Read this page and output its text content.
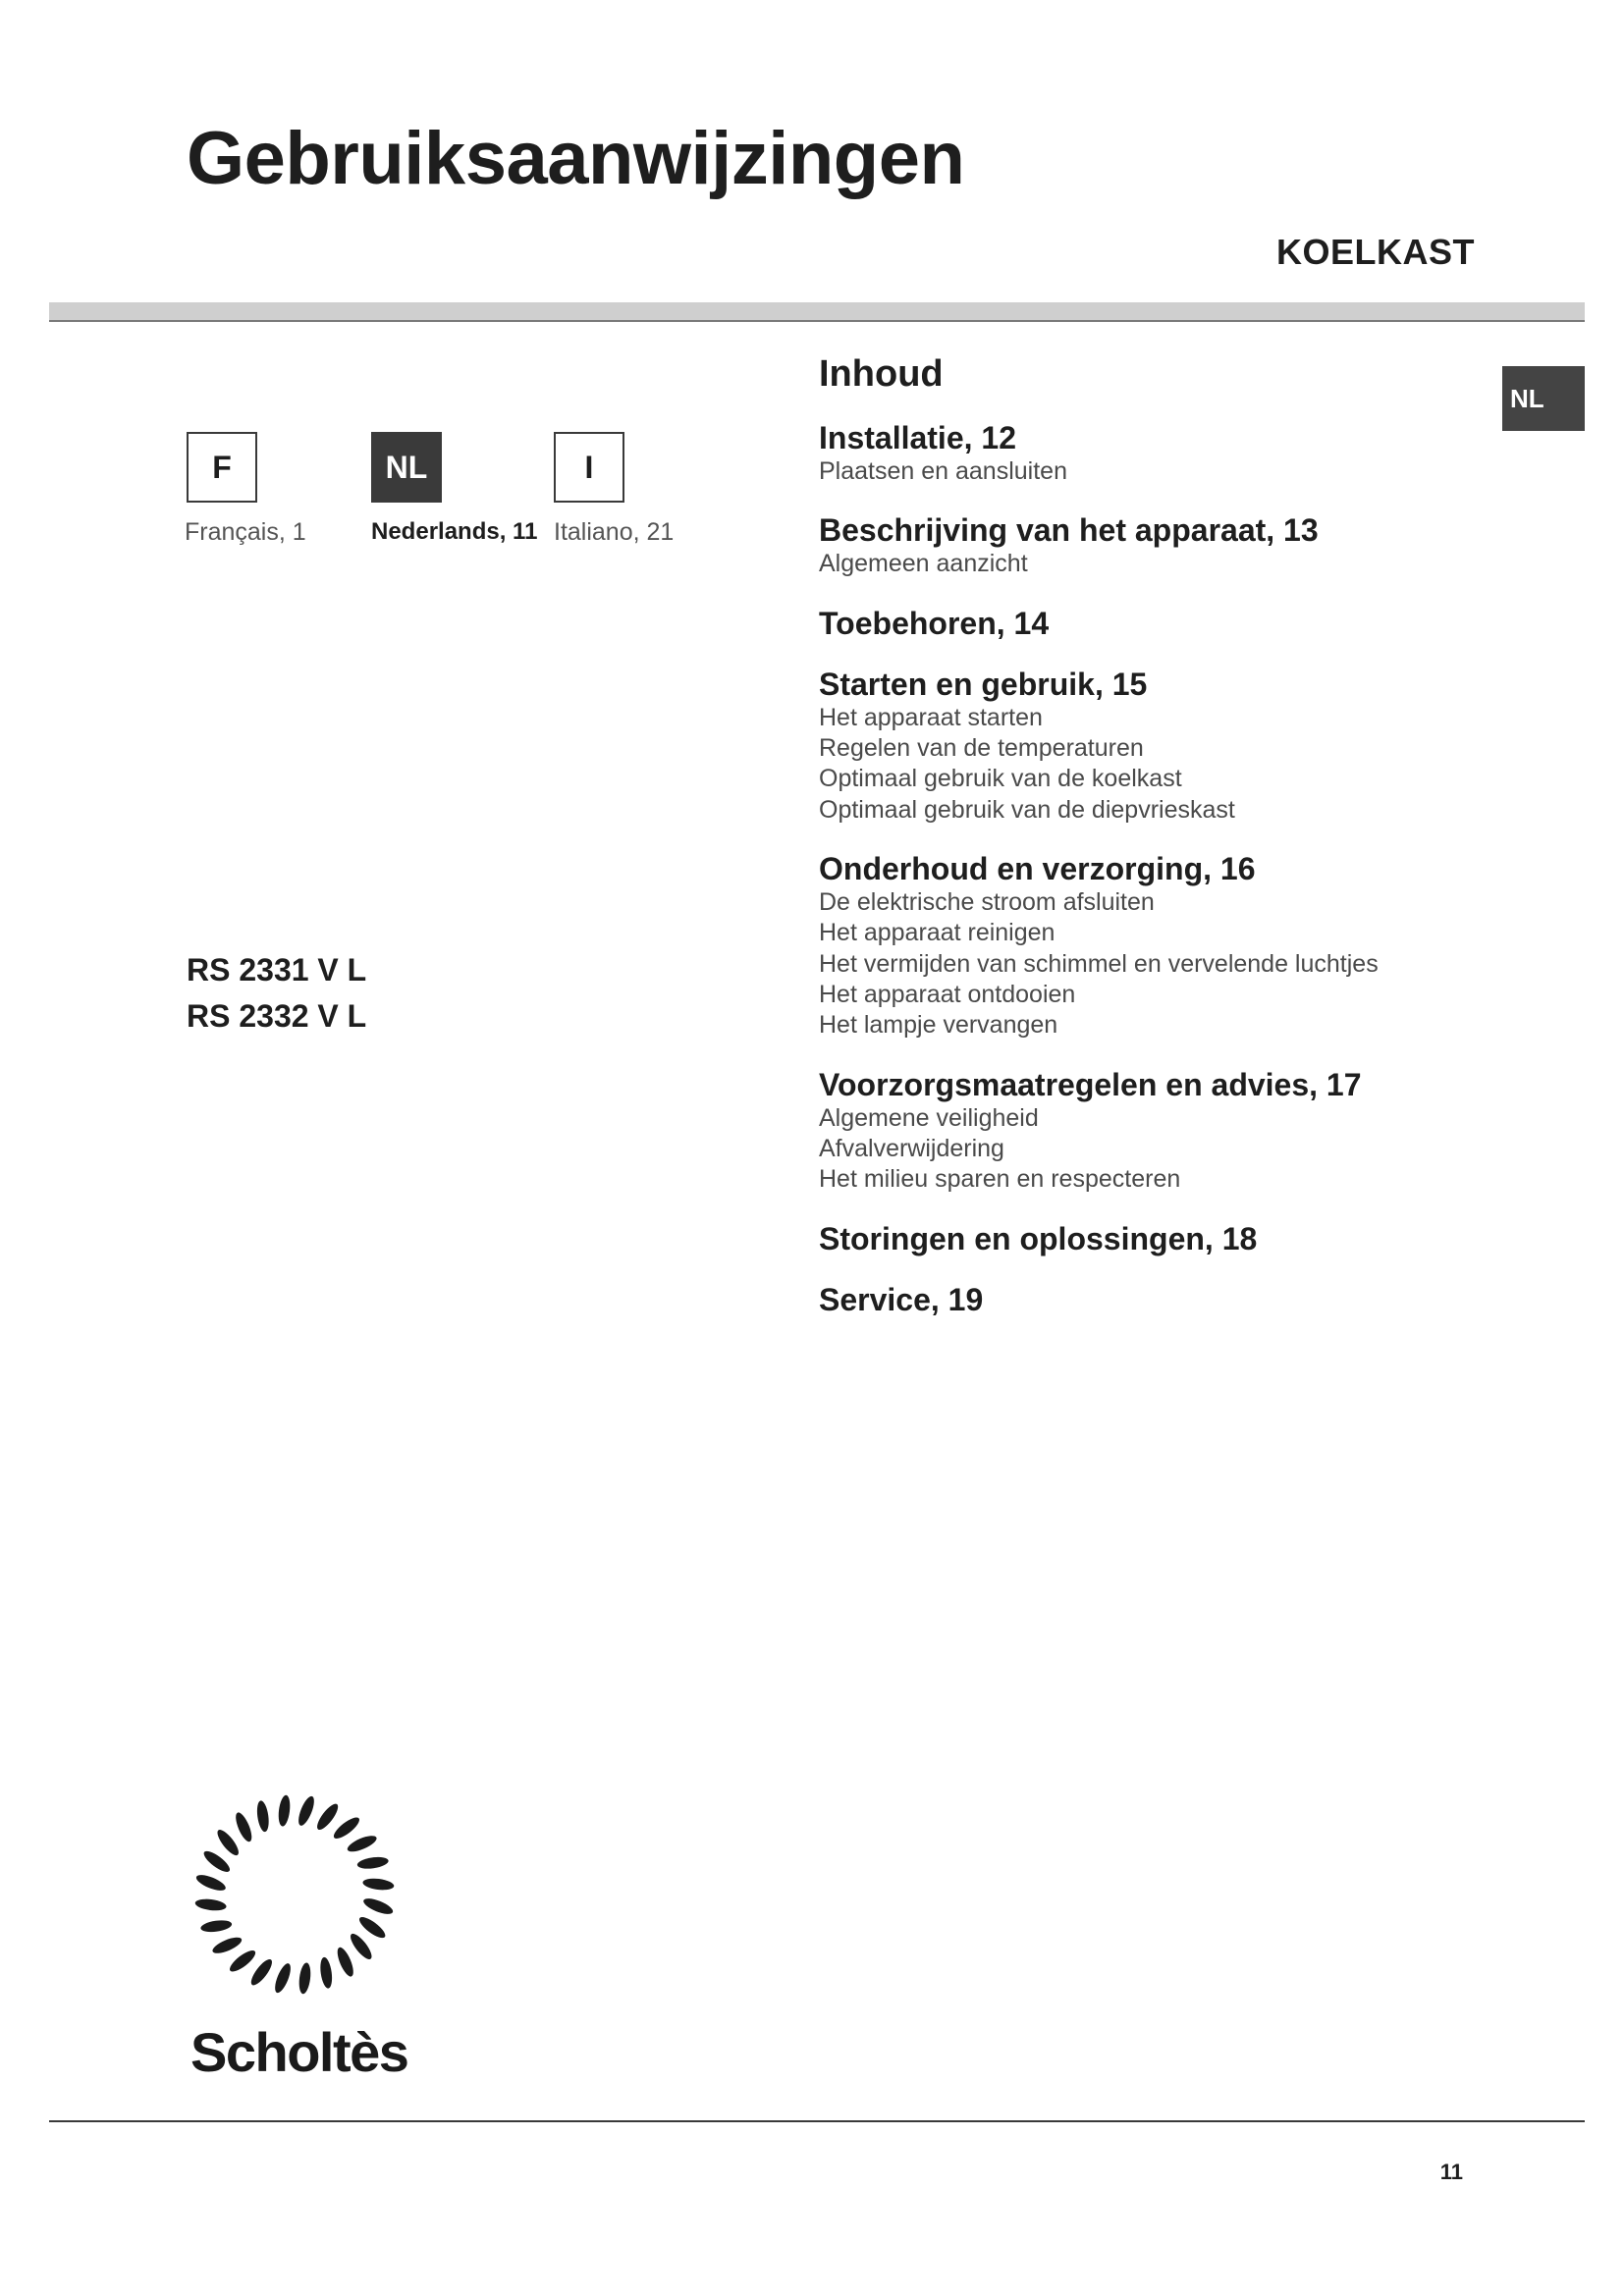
Gebruiksaanwijzingen
KOELKAST
NL
F	NL	I
Français, 1	Nederlands, 11 Italiano, 21
RS 2331 V L
RS 2332 V L
Inhoud
Installatie, 12
Plaatsen en aansluiten
Beschrijving van het apparaat, 13
Algemeen aanzicht
Toebehoren, 14
Starten en gebruik, 15
Het apparaat starten
Regelen van de temperaturen
Optimaal gebruik van de koelkast
Optimaal gebruik van de diepvrieskast
Onderhoud en verzorging, 16
De elektrische stroom afsluiten
Het apparaat reinigen
Het vermijden van schimmel en vervelende luchtjes
Het apparaat ontdooien
Het lampje vervangen
Voorzorgsmaatregelen en advies, 17
Algemene veiligheid
Afvalverwijdering
Het milieu sparen en respecteren
Storingen en oplossingen, 18
Service, 19
Scholtès
11
